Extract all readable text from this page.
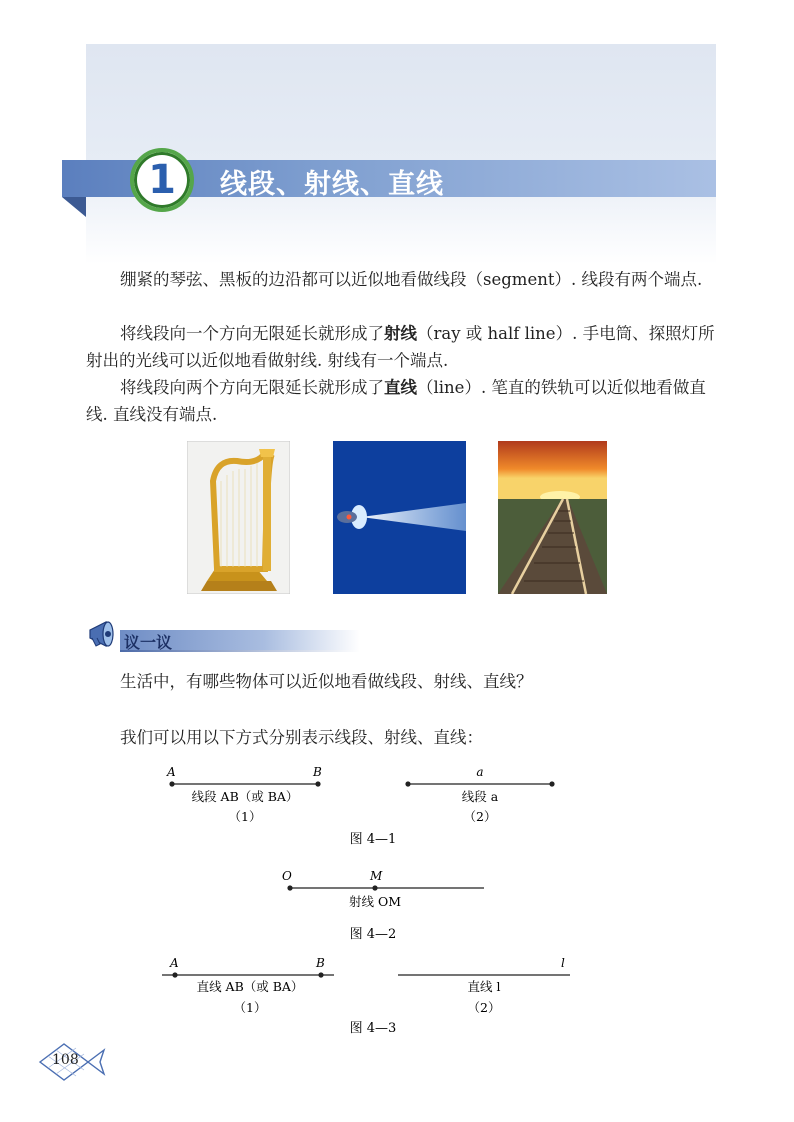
1	线段、射线、直线

绷紧的琴弦、黑板的边沿都可以近似地看做线段（segment）. 线段有两个端点.

将线段向一个方向无限延长就形成了射线（ray 或 half line）. 手电筒、探照灯所射出的光线可以近似地看做射线. 射线有一个端点.

将线段向两个方向无限延长就形成了直线（line）. 笔直的铁轨可以近似地看做直线. 直线没有端点.

议一议
生活中，有哪些物体可以近似地看做线段、射线、直线？
我们可以用以下方式分别表示线段、射线、直线：
A	B
线段 AB（或 BA）
（1）
a
线段 a
（2）
图 4—1
O	M
射线 OM
图 4—2
A	B
直线 AB（或 BA）
（1）
l
直线 l
（2）
图 4—3
108
